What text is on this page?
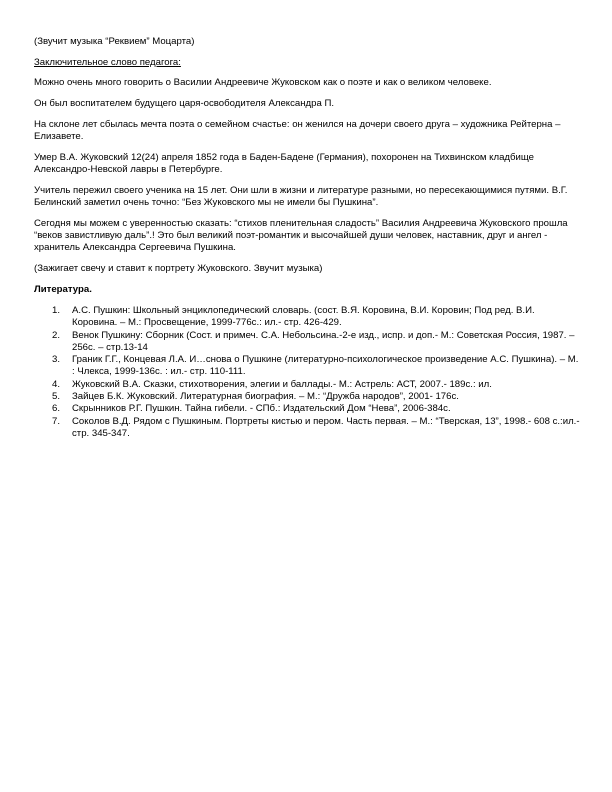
(Звучит музыка “Реквием” Моцарта)

Заключительное слово педагога:

Можно очень много говорить о Василии Андреевиче Жуковском как о поэте и как о великом человеке.

Он был воспитателем будущего царя-освободителя Александра П.

На склоне лет сбылась мечта поэта о семейном счастье: он женился на дочери своего друга – художника Рейтерна – Елизавете.

Умер В.А. Жуковский 12(24) апреля 1852 года в Баден-Бадене (Германия), похоронен на Тихвинском кладбище Александро-Невской лавры в Петербурге.

Учитель пережил своего ученика на 15 лет. Они шли в жизни и литературе разными, но пересекающимися путями. В.Г. Белинский заметил очень точно: “Без Жуковского мы не имели бы Пушкина”.

Сегодня мы можем с уверенностью сказать: “стихов пленительная сладость” Василия Андреевича Жуковского прошла “веков завистливую даль”.! Это был великий поэт-романтик и высочайшей души человек, наставник, друг и ангел - хранитель Александра Сергеевича Пушкина.

(Зажигает свечу и ставит к портрету Жуковского. Звучит музыка)

Литература.
1. А.С. Пушкин: Школьный энциклопедический словарь. (сост. В.Я. Коровина, В.И. Коровин; Под ред. В.И. Коровина. – М.: Просвещение, 1999-776с.: ил.- стр. 426-429.
2. Венок Пушкину: Сборник (Сост. и примеч. С.А. Небольсина.-2-е изд., испр. и доп.- М.: Советская Россия, 1987. – 256с. – стр.13-14
3. Граник Г.Г., Концевая Л.А. И…снова о Пушкине (литературно-психологическое произведение А.С. Пушкина). – М. : Члекса, 1999-136с. : ил.- стр. 110-111.
4. Жуковский В.А. Сказки, стихотворения, элегии и баллады.- М.: Астрель: АСТ, 2007.- 189с.: ил.
5. Зайцев Б.К. Жуковский. Литературная биография. – М.: “Дружба народов”, 2001- 176с.
6. Скрынников Р.Г. Пушкин. Тайна гибели. - СПб.: Издательский Дом “Нева”, 2006-384с.
7. Соколов В.Д. Рядом с Пушкиным. Портреты кистью и пером. Часть первая. – М.: “Тверская, 13”, 1998.- 608 с.:ил.- стр. 345-347.
